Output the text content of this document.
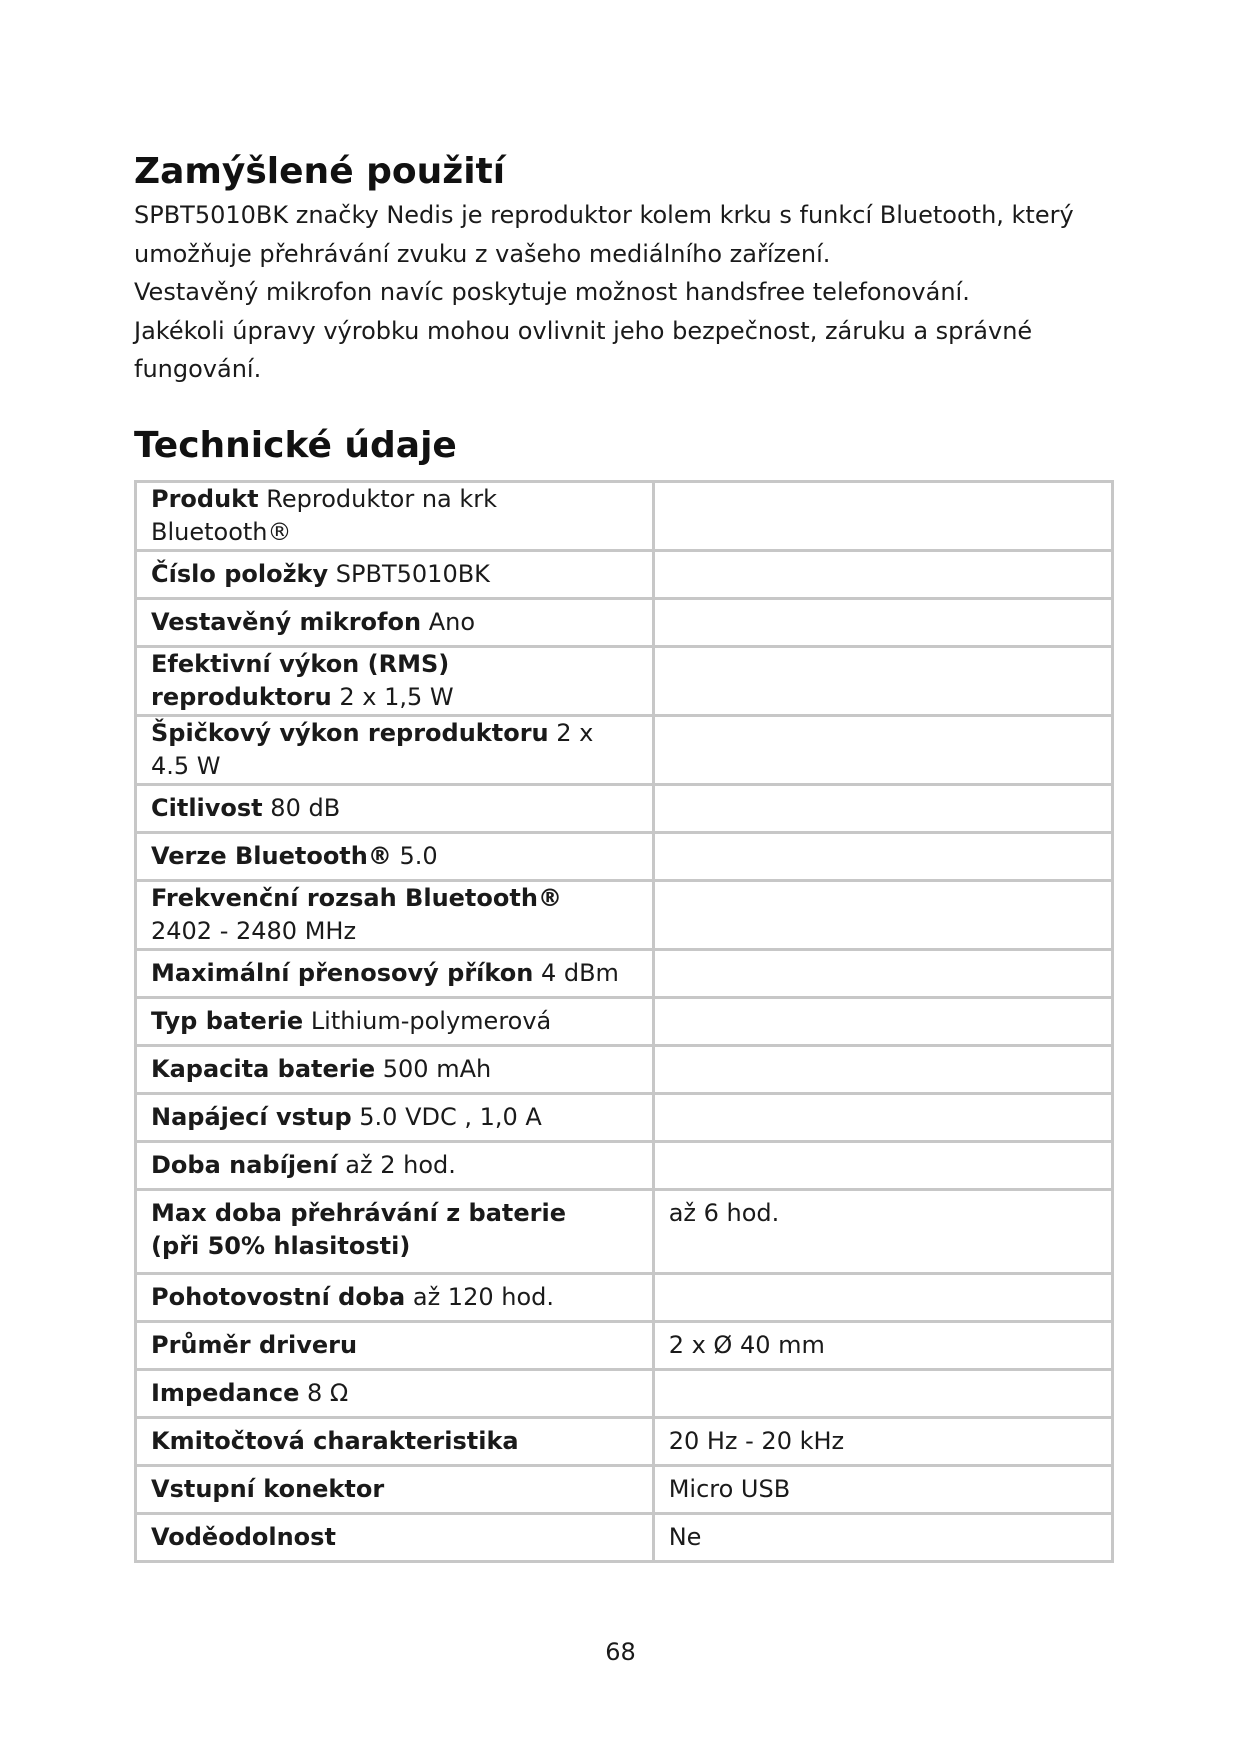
Zamýšlené použití

SPBT5010BK značky Nedis je reproduktor kolem krku s funkcí Bluetooth, který

umožňuje přehrávání zvuku z vašeho mediálního zařízení.

Vestavěný mikrofon navíc poskytuje možnost handsfree telefonování.

Jakékoli úpravy výrobku mohou ovlivnit jeho bezpečnost, záruku a správné

fungování.

Technické údaje
Produkt Reproduktor na krk Bluetooth®	
Číslo položky SPBT5010BK	
Vestavěný mikrofon Ano	
Efektivní výkon (RMS) reproduktoru 2 x 1,5 W	
Špičkový výkon reproduktoru 2 x 4.5 W	
Citlivost 80 dB	
Verze Bluetooth® 5.0	
Frekvenční rozsah Bluetooth® 2402 - 2480 MHz	
Maximální přenosový příkon 4 dBm	
Typ baterie Lithium-polymerová	
Kapacita baterie 500 mAh	
Napájecí vstup 5.0 VDC , 1,0 A	
Doba nabíjení až 2 hod.	
Max doba přehrávání z baterie
(při 50% hlasitosti)	až 6 hod.
Pohotovostní doba až 120 hod.	
Průměr driveru	2 x Ø 40 mm
Impedance 8 Ω	
Kmitočtová charakteristika	20 Hz - 20 kHz
Vstupní konektor	Micro USB
Voděodolnost	Ne
68
